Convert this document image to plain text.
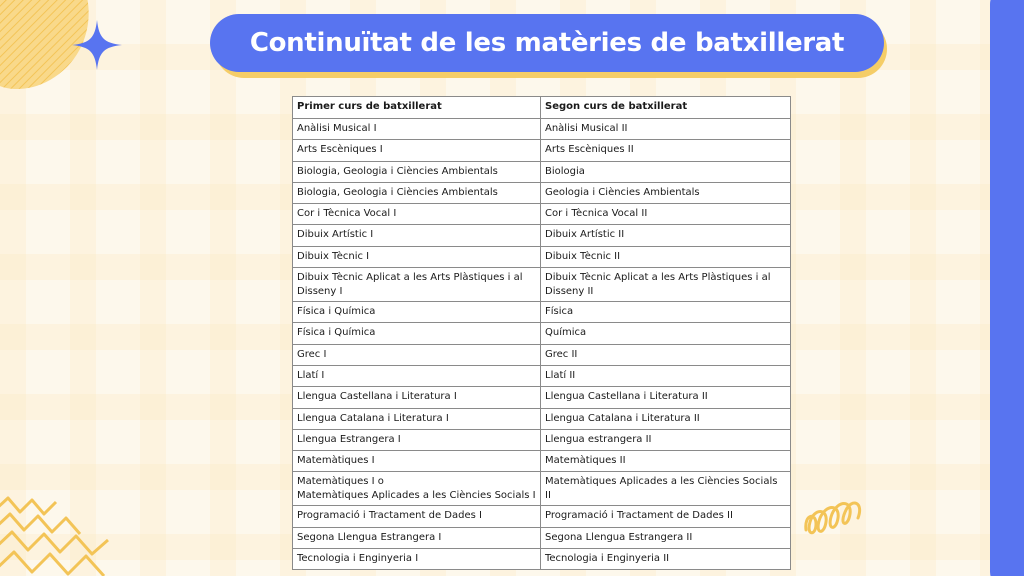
Continuïtat de les matèries de batxillerat
Primer curs de batxillerat	Segon curs de batxillerat
Anàlisi Musical I	Anàlisi Musical II
Arts Escèniques I	Arts Escèniques II
Biologia, Geologia i Ciències Ambientals	Biologia
Biologia, Geologia i Ciències Ambientals	Geologia i Ciències Ambientals
Cor i Tècnica Vocal I	Cor i Tècnica Vocal II
Dibuix Artístic I	Dibuix Artístic II
Dibuix Tècnic I	Dibuix Tècnic II
Dibuix Tècnic Aplicat a les Arts Plàstiques i al Disseny I	Dibuix Tècnic Aplicat a les Arts Plàstiques i al Disseny II
Física i Química	Física
Física i Química	Química
Grec I	Grec II
Llatí I	Llatí II
Llengua Castellana i Literatura I	Llengua Castellana i Literatura II
Llengua Catalana i Literatura I	Llengua Catalana i Literatura II
Llengua Estrangera I	Llengua estrangera II
Matemàtiques I	Matemàtiques II
Matemàtiques I o
Matemàtiques Aplicades a les Ciències Socials I	Matemàtiques Aplicades a les Ciències Socials II
Programació i Tractament de Dades I	Programació i Tractament de Dades II
Segona Llengua Estrangera I	Segona Llengua Estrangera II
Tecnologia i Enginyeria I	Tecnologia i Enginyeria II
